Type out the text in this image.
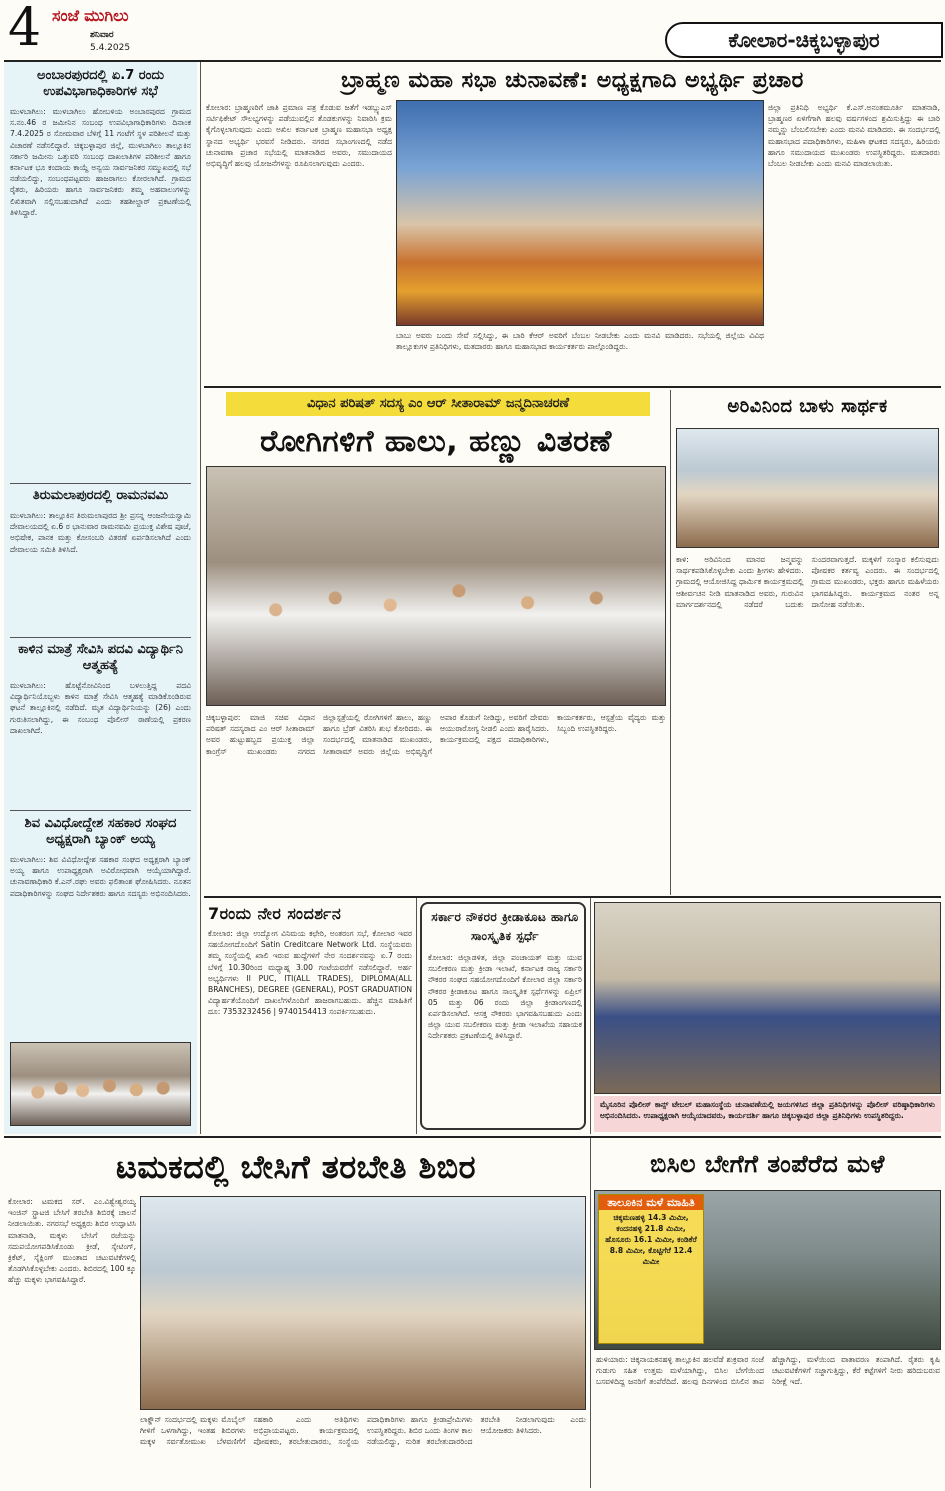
4 ಸಂಜೆ ಮುಗಿಲು
ಶನಿವಾರ
5.4.2025	ಕೋಲಾರ-ಚಿಕ್ಕಬಳ್ಳಾಪುರ
ಅಂಬಾರಪುರದಲ್ಲಿ ಏ.7 ರಂದು ಉಪವಿಭಾಗಾಧಿಕಾರಿಗಳ ಸಭೆ
ಮುಳಬಾಗಿಲು: ಮುಳಬಾಗಿಲು ಹೋಬಳಿಯ ಅಂಬಾರಪುರದ ಗ್ರಾಮದ ಸ.ನಂ.46 ರ ಜಮೀನಿನ ಸಂಬಂಧ ಉಪವಿಭಾಗಾಧಿಕಾರಿಗಳು ದಿನಾಂಕ 7.4.2025 ರ ಸೋಮವಾರ ಬೆಳಿಗ್ಗೆ 11 ಗಂಟೆಗೆ ಸ್ಥಳ ಪರಿಶೀಲನೆ ಮತ್ತು ವಿಚಾರಣೆ ನಡೆಸಲಿದ್ದಾರೆ. ಚಿಕ್ಕಬಳ್ಳಾಪುರ ಜಿಲ್ಲೆ, ಮುಳಬಾಗಿಲು ತಾಲ್ಲೂಕಿನ ಸರ್ಕಾರಿ ಜಮೀನು ಒತ್ತುವರಿ ಸಂಬಂಧ ದಾಖಲಾತಿಗಳ ಪರಿಶೀಲನೆ ಹಾಗೂ ಕರ್ನಾಟಕ ಭೂ ಕಂದಾಯ ಕಾಯ್ದೆ ಅನ್ವಯ ಸಾರ್ವಜನಿಕರ ಸಮ್ಮುಖದಲ್ಲಿ ಸಭೆ ನಡೆಯಲಿದ್ದು, ಸಂಬಂಧಪಟ್ಟವರು ಹಾಜರಾಗಲು ಕೋರಲಾಗಿದೆ. ಗ್ರಾಮದ ರೈತರು, ಹಿರಿಯರು ಹಾಗೂ ಸಾರ್ವಜನಿಕರು ತಮ್ಮ ಅಹವಾಲುಗಳನ್ನು ಲಿಖಿತವಾಗಿ ಸಲ್ಲಿಸಬಹುದಾಗಿದೆ ಎಂದು ತಹಶೀಲ್ದಾರ್ ಪ್ರಕಟಣೆಯಲ್ಲಿ ತಿಳಿಸಿದ್ದಾರೆ.
ತಿರುಮಲಾಪುರದಲ್ಲಿ ರಾಮನವಮಿ
ಮುಳಬಾಗಿಲು: ತಾಲ್ಲೂಕಿನ ತಿರುಮಲಾಪುರದ ಶ್ರೀ ಪ್ರಸನ್ನ ಆಂಜನೇಯಸ್ವಾಮಿ ದೇವಾಲಯದಲ್ಲಿ ಏ.6 ರ ಭಾನುವಾರ ರಾಮನವಮಿ ಪ್ರಯುಕ್ತ ವಿಶೇಷ ಪೂಜೆ, ಅಭಿಷೇಕ, ಪಾನಕ ಮತ್ತು ಕೋಸಂಬರಿ ವಿತರಣೆ ಏರ್ಪಡಿಸಲಾಗಿದೆ ಎಂದು ದೇವಾಲಯ ಸಮಿತಿ ತಿಳಿಸಿದೆ.
ಕಾಳಿನ ಮಾತ್ರೆ ಸೇವಿಸಿ ಪದವಿ ವಿದ್ಯಾರ್ಥಿನಿ ಆತ್ಮಹತ್ಯೆ
ಮುಳಬಾಗಿಲು: ಹೊಟ್ಟೆನೋವಿನಿಂದ ಬಳಲುತ್ತಿದ್ದ ಪದವಿ ವಿದ್ಯಾರ್ಥಿನಿಯೊಬ್ಬಳು ಕಾಳಿನ ಮಾತ್ರೆ ಸೇವಿಸಿ ಆತ್ಮಹತ್ಯೆ ಮಾಡಿಕೊಂಡಿರುವ ಘಟನೆ ತಾಲ್ಲೂಕಿನಲ್ಲಿ ನಡೆದಿದೆ. ಮೃತ ವಿದ್ಯಾರ್ಥಿನಿಯನ್ನು (26) ಎಂದು ಗುರುತಿಸಲಾಗಿದ್ದು, ಈ ಸಂಬಂಧ ಪೊಲೀಸ್ ಠಾಣೆಯಲ್ಲಿ ಪ್ರಕರಣ ದಾಖಲಾಗಿದೆ.
ಶಿವ ವಿವಿಧೋದ್ದೇಶ ಸಹಕಾರ ಸಂಘದ ಅಧ್ಯಕ್ಷರಾಗಿ ಬ್ಯಾಂಕ್ ಅಯ್ಯ
ಮುಳಬಾಗಿಲು: ಶಿವ ವಿವಿಧೋದ್ದೇಶ ಸಹಕಾರ ಸಂಘದ ಅಧ್ಯಕ್ಷರಾಗಿ ಬ್ಯಾಂಕ್ ಅಯ್ಯ ಹಾಗೂ ಉಪಾಧ್ಯಕ್ಷರಾಗಿ ಅವಿರೋಧವಾಗಿ ಆಯ್ಕೆಯಾಗಿದ್ದಾರೆ. ಚುನಾವಣಾಧಿಕಾರಿ ಕೆ.ಎನ್.ರಘು ಅವರು ಫಲಿತಾಂಶ ಘೋಷಿಸಿದರು. ನೂತನ ಪದಾಧಿಕಾರಿಗಳನ್ನು ಸಂಘದ ನಿರ್ದೇಶಕರು ಹಾಗೂ ಸದಸ್ಯರು ಅಭಿನಂದಿಸಿದರು.
ಬ್ರಾಹ್ಮಣ ಮಹಾ ಸಭಾ ಚುನಾವಣೆ: ಅಧ್ಯಕ್ಷಗಾದಿ ಅಭ್ಯರ್ಥಿ ಪ್ರಚಾರ
ಕೋಲಾರ: ಬ್ರಾಹ್ಮಣರಿಗೆ ಜಾತಿ ಪ್ರಮಾಣ ಪತ್ರ ಕೊಡುವ ಜತೆಗೆ ಇಡಬ್ಲ್ಯುಎಸ್ ಸರ್ಟಿಫಿಕೇಟ್ ಸೌಲಭ್ಯಗಳನ್ನು ಪಡೆಯುವಲ್ಲಿನ ತೊಡಕುಗಳನ್ನು ನಿವಾರಿಸಿ ಕ್ರಮ ಕೈಗೊಳ್ಳಲಾಗುವುದು ಎಂದು ಅಖಿಲ ಕರ್ನಾಟಕ ಬ್ರಾಹ್ಮಣ ಮಹಾಸಭಾ ಅಧ್ಯಕ್ಷ ಸ್ಥಾನದ ಅಭ್ಯರ್ಥಿ ಭರವಸೆ ನೀಡಿದರು. ನಗರದ ಸಭಾಂಗಣದಲ್ಲಿ ನಡೆದ ಚುನಾವಣಾ ಪ್ರಚಾರ ಸಭೆಯಲ್ಲಿ ಮಾತನಾಡಿದ ಅವರು, ಸಮುದಾಯದ ಅಭಿವೃದ್ಧಿಗೆ ಹಲವು ಯೋಜನೆಗಳನ್ನು ರೂಪಿಸಲಾಗುವುದು ಎಂದರು.
ಬಾಬು ಅವರು ಬಂದು ಸೇವೆ ಸಲ್ಲಿಸಿದ್ದು, ಈ ಬಾರಿ ಕೆಆರ್ ಅವರಿಗೆ ಬೆಂಬಲ ನೀಡಬೇಕು ಎಂದು ಮನವಿ ಮಾಡಿದರು. ಸಭೆಯಲ್ಲಿ ಜಿಲ್ಲೆಯ ವಿವಿಧ ತಾಲ್ಲೂಕುಗಳ ಪ್ರತಿನಿಧಿಗಳು, ಮತದಾರರು ಹಾಗೂ ಮಹಾಸಭಾದ ಕಾರ್ಯಕರ್ತರು ಪಾಲ್ಗೊಂಡಿದ್ದರು.
ಜಿಲ್ಲಾ ಪ್ರತಿನಿಧಿ ಅಭ್ಯರ್ಥಿ ಕೆ.ಎಸ್.ಅನಂತಮೂರ್ತಿ ಮಾತನಾಡಿ, ಬ್ರಾಹ್ಮಣರ ಏಳಿಗೆಗಾಗಿ ಹಲವು ವರ್ಷಗಳಿಂದ ಶ್ರಮಿಸುತ್ತಿದ್ದು ಈ ಬಾರಿ ನಮ್ಮನ್ನು ಬೆಂಬಲಿಸಬೇಕು ಎಂದು ಮನವಿ ಮಾಡಿದರು. ಈ ಸಂದರ್ಭದಲ್ಲಿ ಮಹಾಸಭಾದ ಪದಾಧಿಕಾರಿಗಳು, ಮಹಿಳಾ ಘಟಕದ ಸದಸ್ಯರು, ಹಿರಿಯರು ಹಾಗೂ ಸಮುದಾಯದ ಮುಖಂಡರು ಉಪಸ್ಥಿತರಿದ್ದರು. ಮತದಾರರು ಬೆಂಬಲ ನೀಡಬೇಕು ಎಂದು ಮನವಿ ಮಾಡಲಾಯಿತು.
ವಿಧಾನ ಪರಿಷತ್ ಸದಸ್ಯ ಎಂ ಆರ್ ಸೀತಾರಾಮ್ ಜನ್ಮದಿನಾಚರಣೆ
ರೋಗಿಗಳಿಗೆ ಹಾಲು, ಹಣ್ಣು ವಿತರಣೆ
ಚಿಕ್ಕಬಳ್ಳಾಪುರ: ಮಾಜಿ ಸಚಿವ ವಿಧಾನ ಪರಿಷತ್ ಸದಸ್ಯರಾದ ಎಂ ಆರ್ ಸೀತಾರಾಮ್ ಅವರ ಹುಟ್ಟುಹಬ್ಬದ ಪ್ರಯುಕ್ತ ಜಿಲ್ಲಾ ಕಾಂಗ್ರೆಸ್ ಮುಖಂಡರು ನಗರದ ಜಿಲ್ಲಾಸ್ಪತ್ರೆಯಲ್ಲಿ ರೋಗಿಗಳಿಗೆ ಹಾಲು, ಹಣ್ಣು ಹಾಗೂ ಬ್ರೆಡ್ ವಿತರಿಸಿ ಶುಭ ಕೋರಿದರು. ಈ ಸಂದರ್ಭದಲ್ಲಿ ಮಾತನಾಡಿದ ಮುಖಂಡರು, ಸೀತಾರಾಮ್ ಅವರು ಜಿಲ್ಲೆಯ ಅಭಿವೃದ್ಧಿಗೆ ಅಪಾರ ಕೊಡುಗೆ ನೀಡಿದ್ದು, ಅವರಿಗೆ ದೇವರು ಆಯುರಾರೋಗ್ಯ ನೀಡಲಿ ಎಂದು ಹಾರೈಸಿದರು. ಕಾರ್ಯಕ್ರಮದಲ್ಲಿ ಪಕ್ಷದ ಪದಾಧಿಕಾರಿಗಳು, ಕಾರ್ಯಕರ್ತರು, ಆಸ್ಪತ್ರೆಯ ವೈದ್ಯರು ಮತ್ತು ಸಿಬ್ಬಂದಿ ಉಪಸ್ಥಿತರಿದ್ದರು.
ಅರಿವಿನಿಂದ ಬಾಳು ಸಾರ್ಥಕ
ಕಾಳಿ: ಅರಿವಿನಿಂದ ಮಾನವ ಜನ್ಮವನ್ನು ಸಾರ್ಥಕಪಡಿಸಿಕೊಳ್ಳಬೇಕು ಎಂದು ಶ್ರೀಗಳು ಹೇಳಿದರು. ಗ್ರಾಮದಲ್ಲಿ ಆಯೋಜಿಸಿದ್ದ ಧಾರ್ಮಿಕ ಕಾರ್ಯಕ್ರಮದಲ್ಲಿ ಆಶೀರ್ವಚನ ನೀಡಿ ಮಾತನಾಡಿದ ಅವರು, ಗುರುವಿನ ಮಾರ್ಗದರ್ಶನದಲ್ಲಿ ನಡೆದರೆ ಬದುಕು ಸುಂದರವಾಗುತ್ತದೆ. ಮಕ್ಕಳಿಗೆ ಸಂಸ್ಕಾರ ಕಲಿಸುವುದು ಪೋಷಕರ ಕರ್ತವ್ಯ ಎಂದರು. ಈ ಸಂದರ್ಭದಲ್ಲಿ ಗ್ರಾಮದ ಮುಖಂಡರು, ಭಕ್ತರು ಹಾಗೂ ಮಹಿಳೆಯರು ಭಾಗವಹಿಸಿದ್ದರು. ಕಾರ್ಯಕ್ರಮದ ನಂತರ ಅನ್ನ ದಾಸೋಹ ನಡೆಯಿತು.
7ರಂದು ನೇರ ಸಂದರ್ಶನ
ಕೋಲಾರ: ಜಿಲ್ಲಾ ಉದ್ಯೋಗ ವಿನಿಮಯ ಕಛೇರಿ, ಅಂತರಂಗ ಸಭೆ, ಕೋಲಾರ ಇವರ ಸಹಯೋಗದೊಂದಿಗೆ Satin Creditcare Network Ltd. ಸಂಸ್ಥೆಯವರು ತಮ್ಮ ಸಂಸ್ಥೆಯಲ್ಲಿ ಖಾಲಿ ಇರುವ ಹುದ್ದೆಗಳಿಗೆ ನೇರ ಸಂದರ್ಶನವನ್ನು ಏ.7 ರಂದು ಬೆಳಿಗ್ಗೆ 10.30ರಿಂದ ಮಧ್ಯಾಹ್ನ 3.00 ಗಂಟೆಯವರೆಗೆ ನಡೆಸಲಿದ್ದಾರೆ. ಅರ್ಹ ಅಭ್ಯರ್ಥಿಗಳು II PUC, ITI(ALL TRADES), DIPLOMA(ALL BRANCHES), DEGREE (GENERAL), POST GRADUATION ವಿದ್ಯಾರ್ಹತೆಯೊಂದಿಗೆ ದಾಖಲೆಗಳೊಂದಿಗೆ ಹಾಜರಾಗಬಹುದು. ಹೆಚ್ಚಿನ ಮಾಹಿತಿಗೆ ದೂ: 7353232456 | 9740154413 ಸಂಪರ್ಕಿಸಬಹುದು.
ಸರ್ಕಾರ ನೌಕರರ ಕ್ರೀಡಾಕೂಟ ಹಾಗೂ ಸಾಂಸ್ಕೃತಿಕ ಸ್ಪರ್ಧೆ
ಕೋಲಾರ: ಜಿಲ್ಲಾಡಳಿತ, ಜಿಲ್ಲಾ ಪಂಚಾಯತ್ ಮತ್ತು ಯುವ ಸಬಲೀಕರಣ ಮತ್ತು ಕ್ರೀಡಾ ಇಲಾಖೆ, ಕರ್ನಾಟಕ ರಾಜ್ಯ ಸರ್ಕಾರಿ ನೌಕರರ ಸಂಘದ ಸಹಯೋಗದೊಂದಿಗೆ ಕೋಲಾರ ಜಿಲ್ಲಾ ಸರ್ಕಾರಿ ನೌಕರರ ಕ್ರೀಡಾಕೂಟ ಹಾಗೂ ಸಾಂಸ್ಕೃತಿಕ ಸ್ಪರ್ಧೆಗಳನ್ನು ಏಪ್ರಿಲ್ 05 ಮತ್ತು 06 ರಂದು ಜಿಲ್ಲಾ ಕ್ರೀಡಾಂಗಣದಲ್ಲಿ ಏರ್ಪಡಿಸಲಾಗಿದೆ. ಆಸಕ್ತ ನೌಕರರು ಭಾಗವಹಿಸಬಹುದು ಎಂದು ಜಿಲ್ಲಾ ಯುವ ಸಬಲೀಕರಣ ಮತ್ತು ಕ್ರೀಡಾ ಇಲಾಖೆಯ ಸಹಾಯಕ ನಿರ್ದೇಶಕರು ಪ್ರಕಟಣೆಯಲ್ಲಿ ತಿಳಿಸಿದ್ದಾರೆ.
ಮೈಸೂರಿನ ಪೊಲೀಸ್ ಕಾನ್ಸ್ ಟೇಬಲ್ ಮಹಾಸಂಸ್ಥೆಯ ಚುನಾವಣೆಯಲ್ಲಿ ಜಯಗಳಿಸಿದ ಜಿಲ್ಲಾ ಪ್ರತಿನಿಧಿಗಳನ್ನು ಪೊಲೀಸ್ ವರಿಷ್ಠಾಧಿಕಾರಿಗಳು ಅಭಿನಂದಿಸಿದರು. ಉಪಾಧ್ಯಕ್ಷರಾಗಿ ಆಯ್ಕೆಯಾದವರು, ಕಾರ್ಯದರ್ಶಿ ಹಾಗೂ ಚಿಕ್ಕಬಳ್ಳಾಪುರ ಜಿಲ್ಲಾ ಪ್ರತಿನಿಧಿಗಳು ಉಪಸ್ಥಿತರಿದ್ದರು.
ಟಮಕದಲ್ಲಿ ಬೇಸಿಗೆ ತರಬೇತಿ ಶಿಬಿರ
ಕೋಲಾರ: ಟಮಕದ ಸರ್. ಎಂ.ವಿಶ್ವೇಶ್ವರಯ್ಯ ಇಂಜಿನ್ ಸ್ಟ್ರಾಟಜಿ ಬೇಸಿಗೆ ತರಬೇತಿ ಶಿಬಿರಕ್ಕೆ ಚಾಲನೆ ನೀಡಲಾಯಿತು. ನಗರಸಭೆ ಅಧ್ಯಕ್ಷರು ಶಿಬಿರ ಉದ್ಘಾಟಿಸಿ ಮಾತನಾಡಿ, ಮಕ್ಕಳು ಬೇಸಿಗೆ ರಜೆಯನ್ನು ಸದುಪಯೋಗಪಡಿಸಿಕೊಂಡು ಕ್ರೀಡೆ, ಸ್ಕೇಟಿಂಗ್, ಕ್ರಿಕೆಟ್, ಸೈಕ್ಲಿಂಗ್ ಮುಂತಾದ ಚಟುವಟಿಕೆಗಳಲ್ಲಿ ತೊಡಗಿಸಿಕೊಳ್ಳಬೇಕು ಎಂದರು. ಶಿಬಿರದಲ್ಲಿ 100 ಕ್ಕೂ ಹೆಚ್ಚು ಮಕ್ಕಳು ಭಾಗವಹಿಸಿದ್ದಾರೆ.
ಲಾಕ್ಡೌನ್ ಸಂದರ್ಭದಲ್ಲಿ ಮಕ್ಕಳು ಮೊಬೈಲ್ ಗೀಳಿಗೆ ಒಳಗಾಗಿದ್ದು, ಇಂತಹ ಶಿಬಿರಗಳು ಮಕ್ಕಳ ಸರ್ವತೋಮುಖ ಬೆಳವಣಿಗೆಗೆ ಸಹಕಾರಿ ಎಂದು ಅತಿಥಿಗಳು ಅಭಿಪ್ರಾಯಪಟ್ಟರು. ಕಾರ್ಯಕ್ರಮದಲ್ಲಿ ಪೋಷಕರು, ತರಬೇತುದಾರರು, ಸಂಸ್ಥೆಯ ಪದಾಧಿಕಾರಿಗಳು ಹಾಗೂ ಕ್ರೀಡಾಪ್ರೇಮಿಗಳು ಉಪಸ್ಥಿತರಿದ್ದರು. ಶಿಬಿರ ಒಂದು ತಿಂಗಳ ಕಾಲ ನಡೆಯಲಿದ್ದು, ನುರಿತ ತರಬೇತುದಾರರಿಂದ ತರಬೇತಿ ನೀಡಲಾಗುವುದು ಎಂದು ಆಯೋಜಕರು ತಿಳಿಸಿದರು.
ಬಿಸಿಲ ಬೇಗೆಗೆ ತಂಪೆರೆದ ಮಳೆ
ತಾಲೂಕಿನ ಮಳೆ ಮಾಹಿತಿ
ಚಿಕ್ಕಮಣಹಳ್ಳಿ 14.3 ಮಿಮೀ, ಕಂದನಹಳ್ಳಿ 21.8 ಮಿಮೀ, ಹೊಸೂರು 16.1 ಮಿಮೀ, ಕಂಡಿಕೆರೆ 8.8 ಮಿಮೀ, ಕೊಟ್ಟಿಗೆರೆ 12.4 ಮಿಮೀ
ಹುಳಿಯಾರು: ಚಿಕ್ಕನಾಯಕನಹಳ್ಳಿ ತಾಲ್ಲೂಕಿನ ಹಲವೆಡೆ ಶುಕ್ರವಾರ ಸಂಜೆ ಗುಡುಗು ಸಹಿತ ಉತ್ತಮ ಮಳೆಯಾಗಿದ್ದು, ಬಿಸಿಲ ಬೇಗೆಯಿಂದ ಬಸವಳಿದಿದ್ದ ಜನರಿಗೆ ತಂಪೆರೆದಿದೆ. ಹಲವು ದಿನಗಳಿಂದ ಬಿಸಿಲಿನ ತಾಪ ಹೆಚ್ಚಾಗಿದ್ದು, ಮಳೆಯಿಂದ ವಾತಾವರಣ ತಂಪಾಗಿದೆ. ರೈತರು ಕೃಷಿ ಚಟುವಟಿಕೆಗಳಿಗೆ ಸಜ್ಜಾಗುತ್ತಿದ್ದು, ಕೆರೆ ಕಟ್ಟೆಗಳಿಗೆ ನೀರು ಹರಿದುಬರುವ ನಿರೀಕ್ಷೆ ಇದೆ.
